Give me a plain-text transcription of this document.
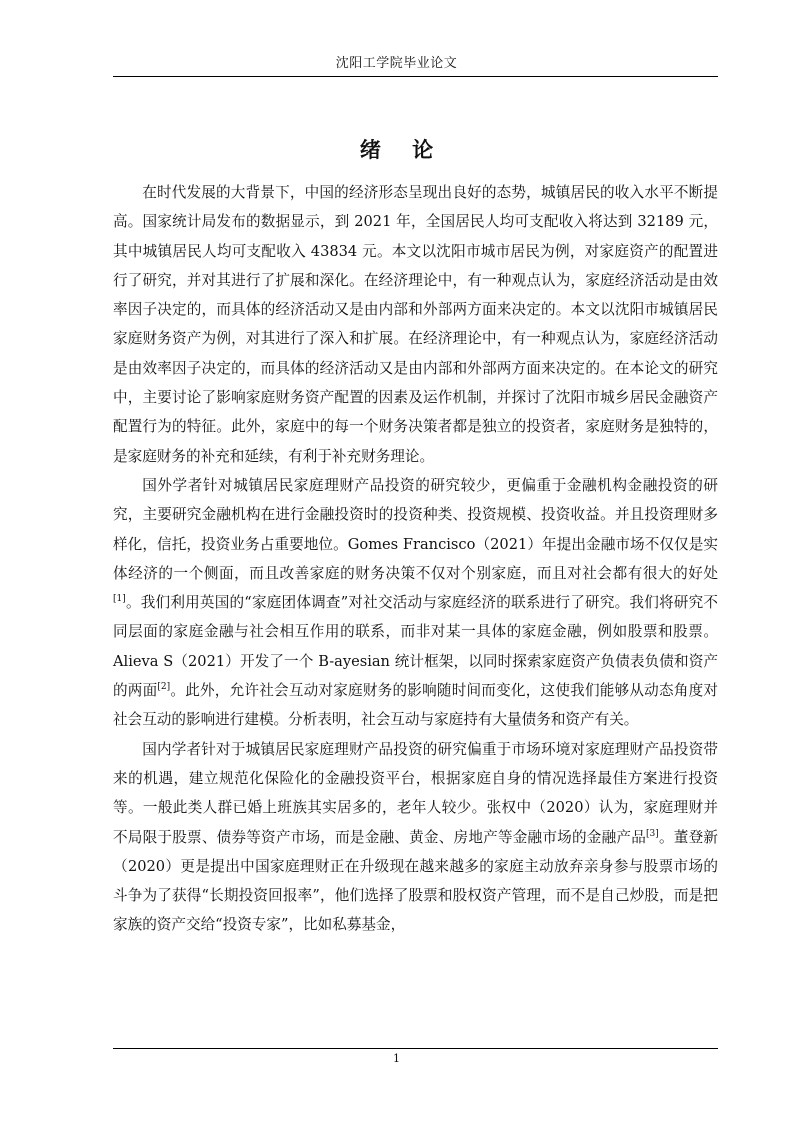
沈阳工学院毕业论文
绪 论

在时代发展的大背景下，中国的经济形态呈现出良好的态势，城镇居民的收入水平不断提高。国家统计局发布的数据显示，到 2021 年，全国居民人均可支配收入将达到 32189 元，其中城镇居民人均可支配收入 43834 元。本文以沈阳市城市居民为例，对家庭资产的配置进行了研究，并对其进行了扩展和深化。在经济理论中，有一种观点认为，家庭经济活动是由效率因子决定的，而具体的经济活动又是由内部和外部两方面来决定的。本文以沈阳市城镇居民家庭财务资产为例，对其进行了深入和扩展。在经济理论中，有一种观点认为，家庭经济活动是由效率因子决定的，而具体的经济活动又是由内部和外部两方面来决定的。在本论文的研究中，主要讨论了影响家庭财务资产配置的因素及运作机制，并探讨了沈阳市城乡居民金融资产配置行为的特征。此外，家庭中的每一个财务决策者都是独立的投资者，家庭财务是独特的，是家庭财务的补充和延续，有利于补充财务理论。

国外学者针对城镇居民家庭理财产品投资的研究较少，更偏重于金融机构金融投资的研究，主要研究金融机构在进行金融投资时的投资种类、投资规模、投资收益。并且投资理财多样化，信托，投资业务占重要地位。Gomes Francisco（2021）年提出金融市场不仅仅是实体经济的一个侧面，而且改善家庭的财务决策不仅对个别家庭，而且对社会都有很大的好处[1]。我们利用英国的“家庭团体调查”对社交活动与家庭经济的联系进行了研究。我们将研究不同层面的家庭金融与社会相互作用的联系，而非对某一具体的家庭金融，例如股票和股票。Alieva S（2021）开发了一个 B-ayesian 统计框架，以同时探索家庭资产负债表负债和资产的两面[2]。此外，允许社会互动对家庭财务的影响随时间而变化，这使我们能够从动态角度对社会互动的影响进行建模。分析表明，社会互动与家庭持有大量债务和资产有关。

国内学者针对于城镇居民家庭理财产品投资的研究偏重于市场环境对家庭理财产品投资带来的机遇，建立规范化保险化的金融投资平台，根据家庭自身的情况选择最佳方案进行投资等。一般此类人群已婚上班族其实居多的，老年人较少。张权中（2020）认为，家庭理财并不局限于股票、债券等资产市场，而是金融、黄金、房地产等金融市场的金融产品[3]。董登新（2020）更是提出中国家庭理财正在升级现在越来越多的家庭主动放弃亲身参与股票市场的斗争为了获得“长期投资回报率”，他们选择了股票和股权资产管理，而不是自己炒股，而是把家族的资产交给“投资专家”，比如私募基金，

1
